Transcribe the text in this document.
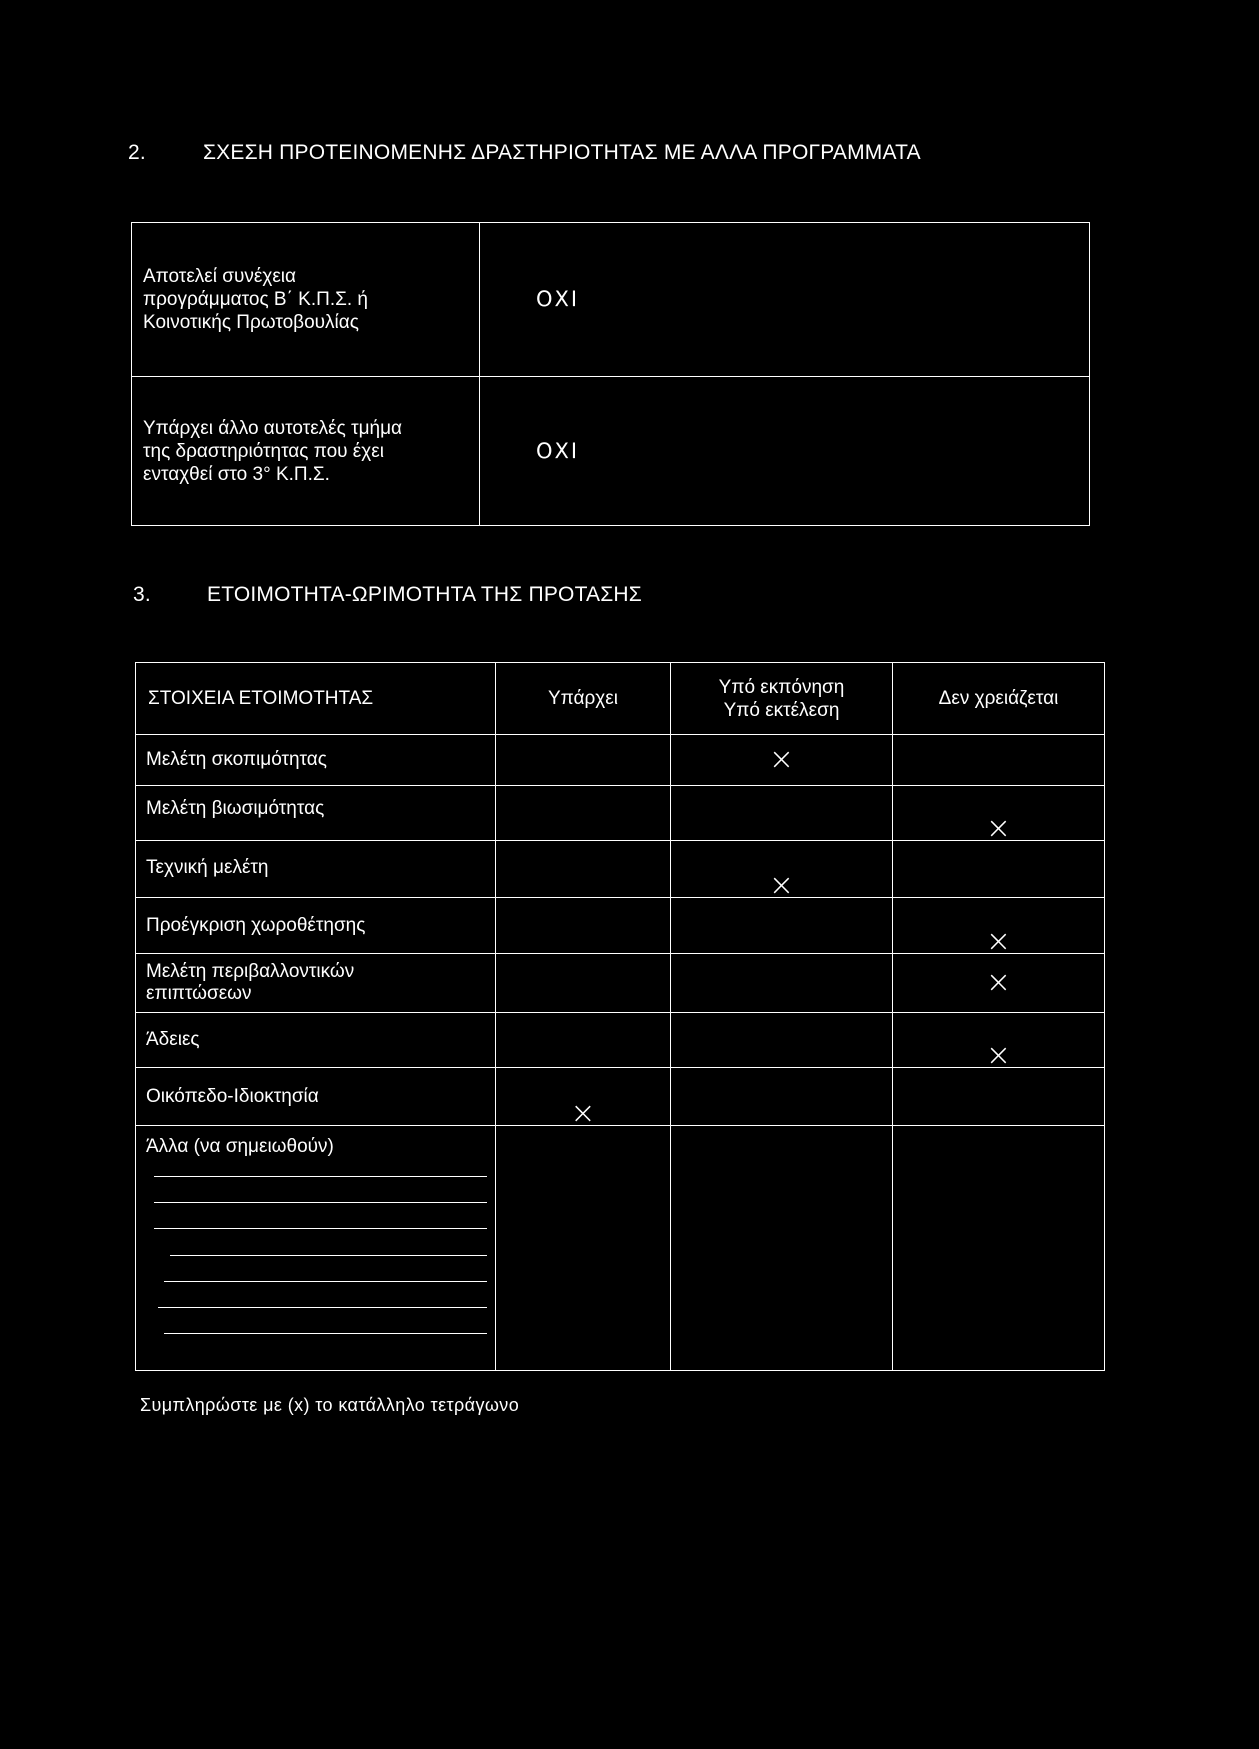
2.	ΣΧΕΣΗ ΠΡΟΤΕΙΝΟΜΕΝΗΣ ΔΡΑΣΤΗΡΙΟΤΗΤΑΣ ΜΕ ΑΛΛΑ ΠΡΟΓΡΑΜΜΑΤΑ
Αποτελεί συνέχεια
προγράμματος Β΄ Κ.Π.Σ. ή
Κοινοτικής Πρωτοβουλίας	ΟΧΙ

Υπάρχει άλλο αυτοτελές τμήμα
της δραστηριότητας που έχει
ενταχθεί στο 3° Κ.Π.Σ.	ΟΧΙ
3.	ΕΤΟΙΜΟΤΗΤΑ-ΩΡΙΜΟΤΗΤΑ ΤΗΣ ΠΡΟΤΑΣΗΣ
ΣΤΟΙΧΕΙΑ ΕΤΟΙΜΟΤΗΤΑΣ	Υπάρχει	Υπό εκπόνηση
Υπό εκτέλεση	Δεν χρειάζεται
Μελέτη σκοπιμότητας		×	
Μελέτη βιωσιμότητας			×
Τεχνική μελέτη		×	
Προέγκριση χωροθέτησης			×

Μελέτη περιβαλλοντικών
επιπτώσεων			×
Άδειες			×
Οικόπεδο-Ιδιοκτησία	×		

Άλλα (να σημειωθούν)			

Συμπληρώστε με (x) το κατάλληλο τετράγωνο
